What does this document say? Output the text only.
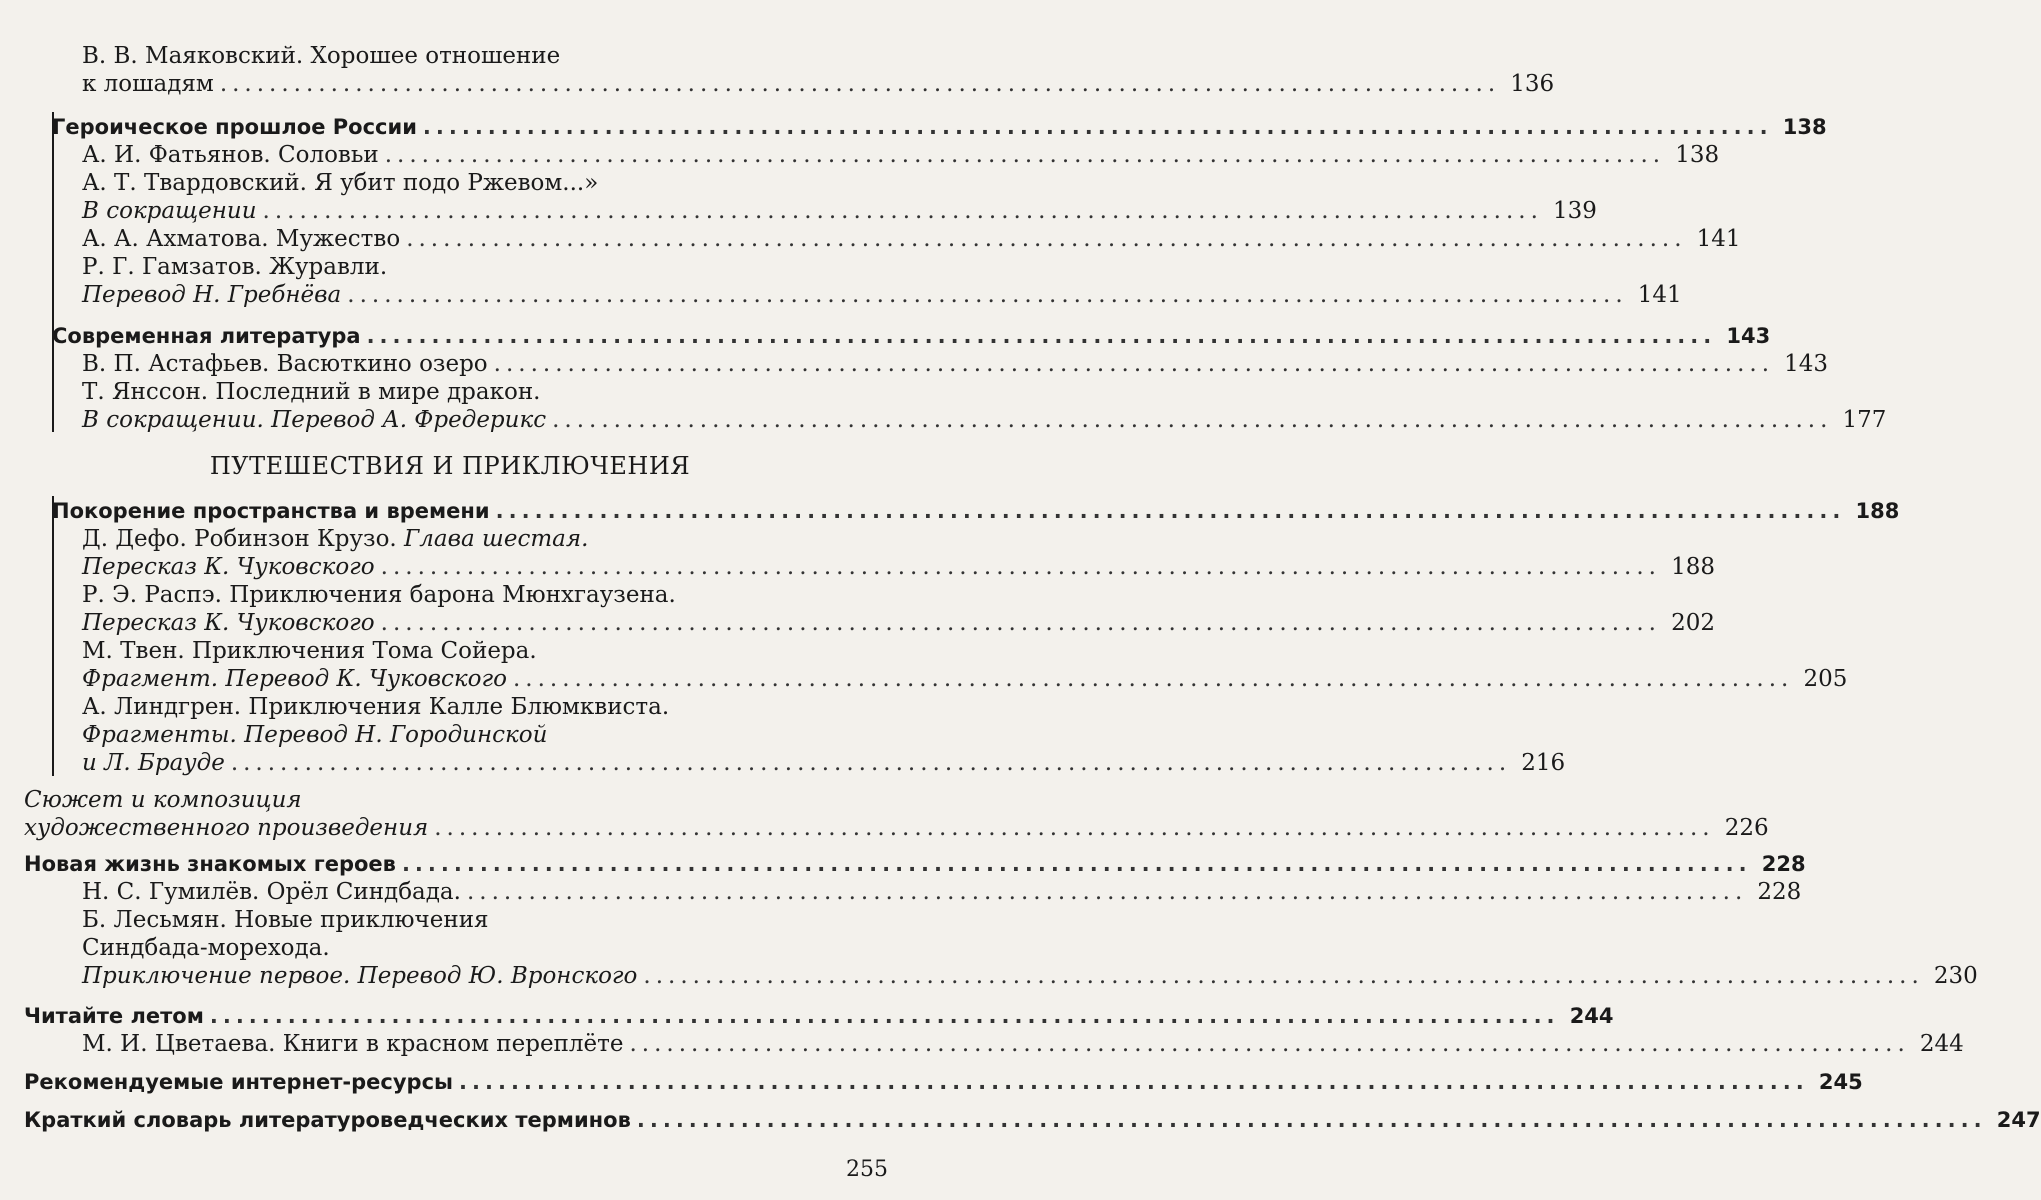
В. В. Маяковский. Хорошее отношение
к лошадям ........................................................................................................ 136
Героическое прошлое России ........................................................................................................ 138
А. И. Фатьянов. Соловьи ........................................................................................................ 138
А. Т. Твардовский. Я убит подо Ржевом...»
В сокращении ........................................................................................................ 139
А. А. Ахматова. Мужество ........................................................................................................ 141
Р. Г. Гамзатов. Журавли.
Перевод Н. Гребнёва ........................................................................................................ 141
Современная литература ........................................................................................................ 143
В. П. Астафьев. Васюткино озеро ........................................................................................................ 143
Т. Янссон. Последний в мире дракон.
В сокращении. Перевод А. Фредерикс ........................................................................................................ 177
ПУТЕШЕСТВИЯ И ПРИКЛЮЧЕНИЯ
Покорение пространства и времени ........................................................................................................ 188
Д. Дефо. Робинзон Крузо.
Глава шестая.
Пересказ К. Чуковского ........................................................................................................ 188
Р. Э. Распэ. Приключения барона Мюнхгаузена.
Пересказ К. Чуковского ........................................................................................................ 202
М. Твен. Приключения Тома Сойера.
Фрагмент. Перевод К. Чуковского ........................................................................................................ 205
А. Линдгрен. Приключения Калле Блюмквиста.
Фрагменты. Перевод Н. Городинской
и Л. Брауде ........................................................................................................ 216
Сюжет и композиция
художественного произведения ........................................................................................................ 226
Новая жизнь знакомых героев ........................................................................................................ 228
Н. С. Гумилёв. Орёл Синдбада. ........................................................................................................ 228
Б. Лесьмян. Новые приключения
Синдбада-морехода.
Приключение первое. Перевод Ю. Вронского ........................................................................................................ 230
Читайте летом ........................................................................................................ 244
М. И. Цветаева. Книги в красном переплёте ........................................................................................................ 244
Рекомендуемые интернет-ресурсы ........................................................................................................ 245
Краткий словарь литературоведческих терминов ........................................................................................................ 247
255
